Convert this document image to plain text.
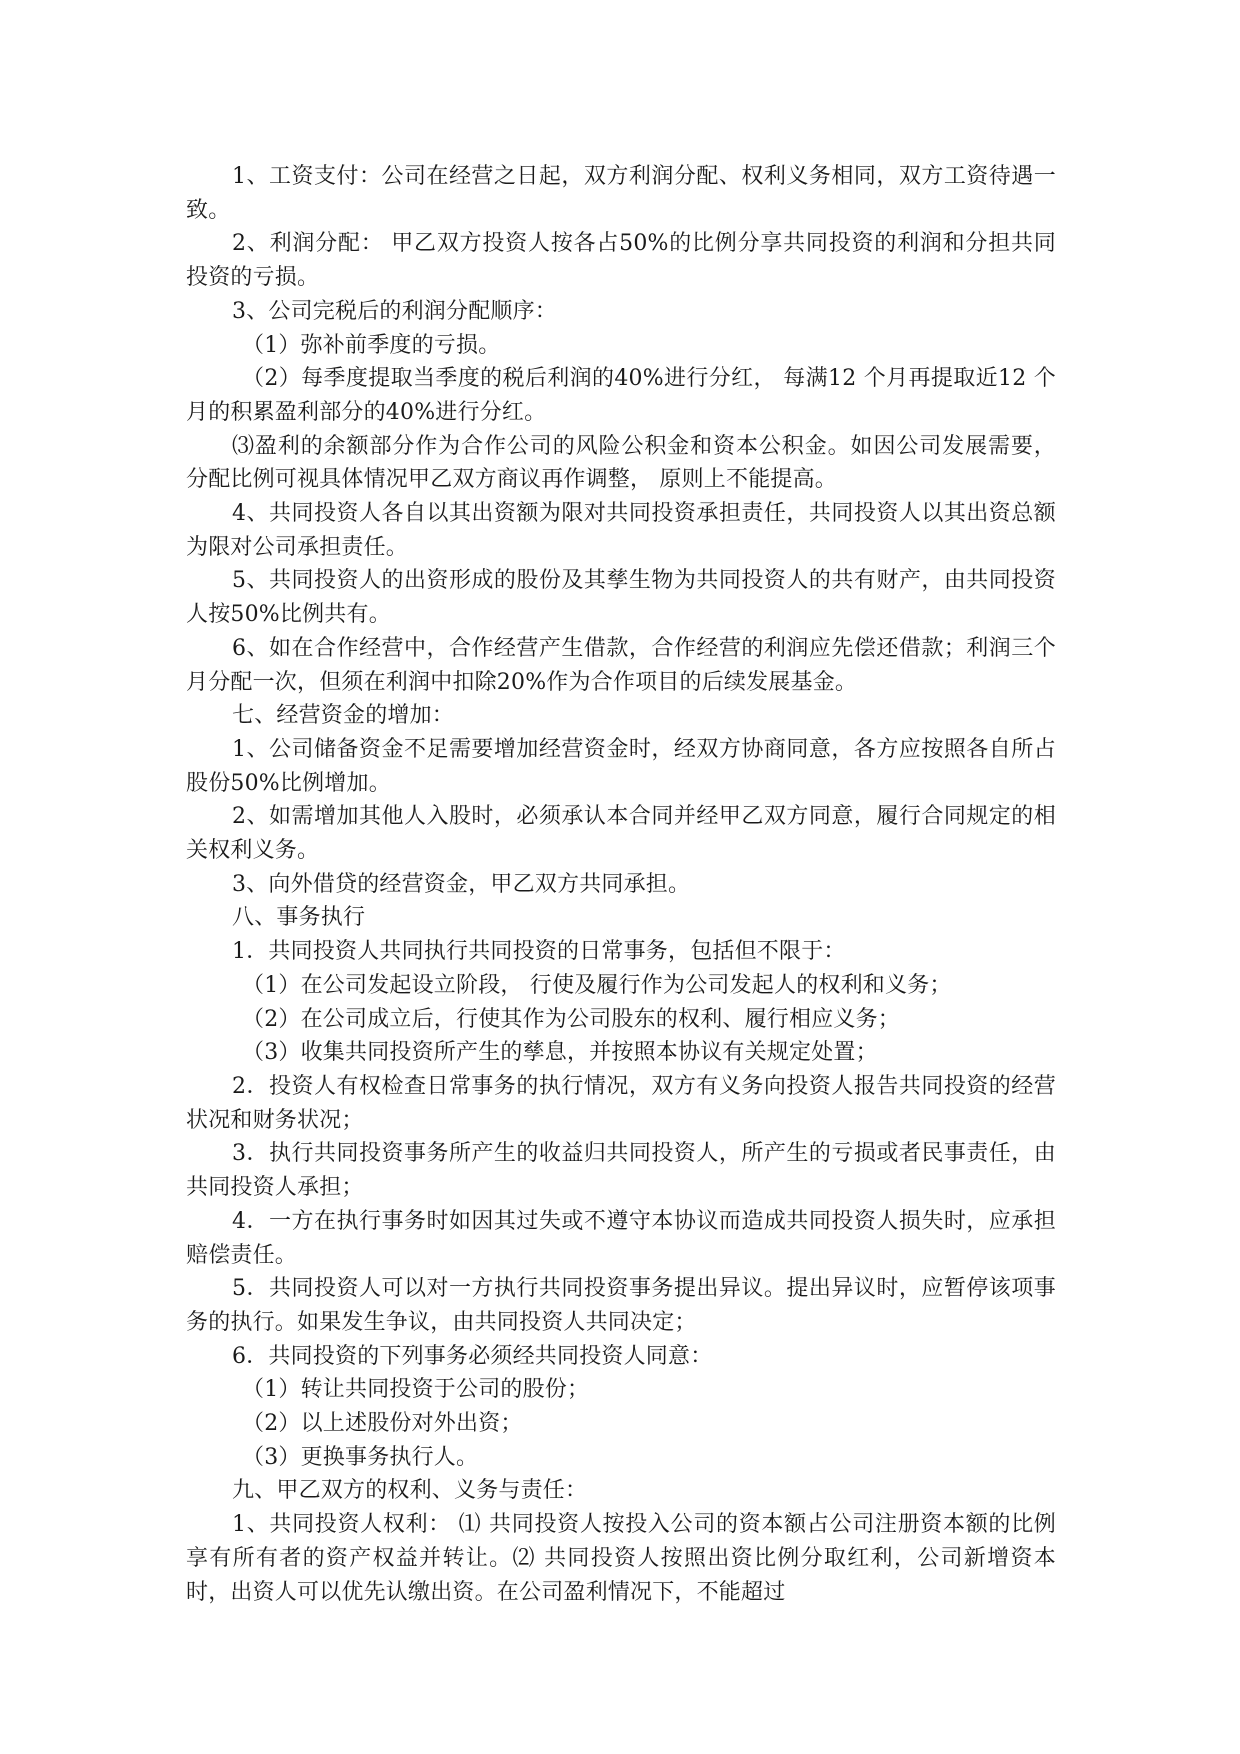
1、工资支付：公司在经营之日起，双方利润分配、权利义务相同，双方工资待遇一致。

2、利润分配： 甲乙双方投资人按各占50%的比例分享共同投资的利润和分担共同投资的亏损。

3、公司完税后的利润分配顺序：

（1）弥补前季度的亏损。

（2）每季度提取当季度的税后利润的40%进行分红， 每满12 个月再提取近12 个月的积累盈利部分的40%进行分红。

⑶盈利的余额部分作为合作公司的风险公积金和资本公积金。如因公司发展需要， 分配比例可视具体情况甲乙双方商议再作调整， 原则上不能提高。

4、共同投资人各自以其出资额为限对共同投资承担责任，共同投资人以其出资总额为限对公司承担责任。

5、共同投资人的出资形成的股份及其孳生物为共同投资人的共有财产，由共同投资人按50%比例共有。

6、如在合作经营中，合作经营产生借款，合作经营的利润应先偿还借款；利润三个月分配一次，但须在利润中扣除20%作为合作项目的后续发展基金。

七、经营资金的增加：

1、公司储备资金不足需要增加经营资金时，经双方协商同意，各方应按照各自所占股份50%比例增加。

2、如需增加其他人入股时，必须承认本合同并经甲乙双方同意，履行合同规定的相关权利义务。

3、向外借贷的经营资金，甲乙双方共同承担。

八、事务执行

1．共同投资人共同执行共同投资的日常事务，包括但不限于：

（1）在公司发起设立阶段， 行使及履行作为公司发起人的权利和义务；

（2）在公司成立后，行使其作为公司股东的权利、履行相应义务；

（3）收集共同投资所产生的孳息，并按照本协议有关规定处置；

2．投资人有权检查日常事务的执行情况，双方有义务向投资人报告共同投资的经营状况和财务状况；

3．执行共同投资事务所产生的收益归共同投资人，所产生的亏损或者民事责任，由共同投资人承担；

4．一方在执行事务时如因其过失或不遵守本协议而造成共同投资人损失时，应承担赔偿责任。

5．共同投资人可以对一方执行共同投资事务提出异议。提出异议时，应暂停该项事务的执行。如果发生争议，由共同投资人共同决定；

6．共同投资的下列事务必须经共同投资人同意：

（1）转让共同投资于公司的股份；

（2）以上述股份对外出资；

（3）更换事务执行人。

九、甲乙双方的权利、义务与责任：

1、共同投资人权利： ⑴ 共同投资人按投入公司的资本额占公司注册资本额的比例享有所有者的资产权益并转让。⑵ 共同投资人按照出资比例分取红利，公司新增资本时，出资人可以优先认缴出资。在公司盈利情况下，不能超过
